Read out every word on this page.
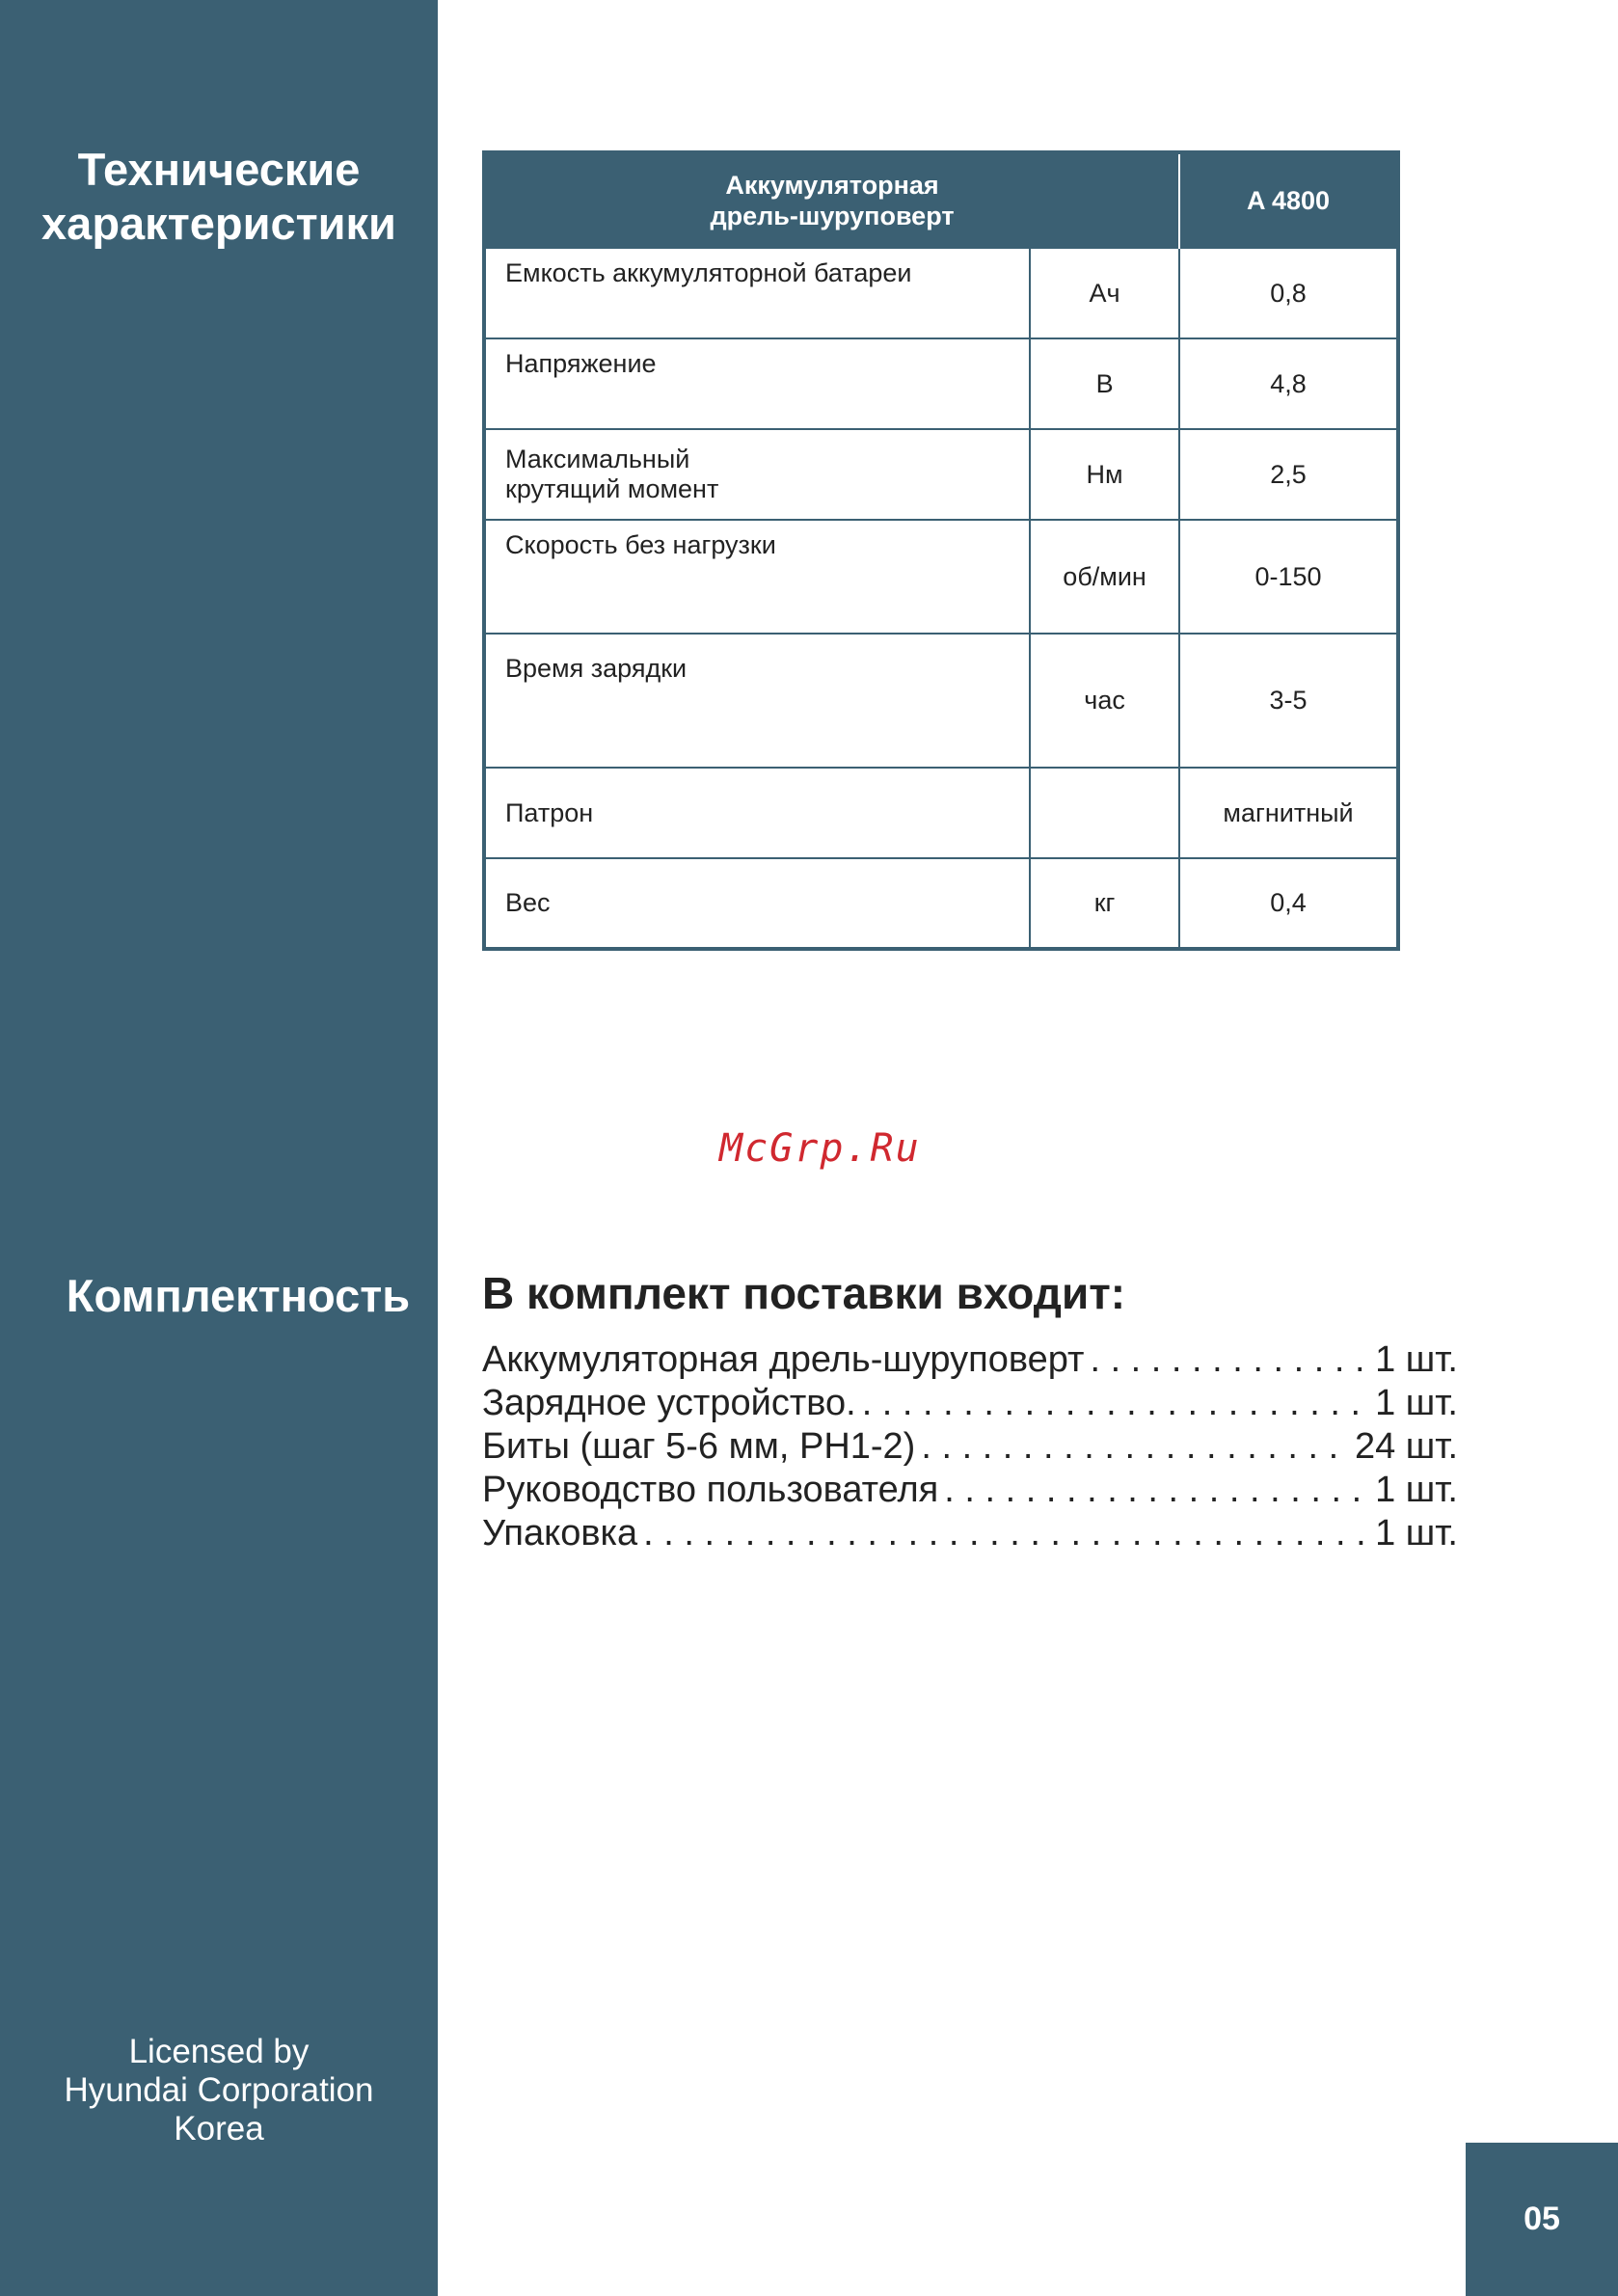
Технические
характеристики
Комплектность
Licensed by
Hyundai Corporation
Korea
Аккумуляторная
дрель-шуруповерт		A 4800

Емкость аккумуляторной батареи	Ач	0,8

Напряжение	В	4,8

Максимальный
крутящий момент	Нм	2,5

Скорость без нагрузки	об/мин	0-150

Время зарядки	час	3-5

Патрон		магнитный

Вес	кг	0,4
McGrp.Ru
В комплект поставки входит:
Аккумуляторная дрель-шуруповерт . . .	1 шт.
Зарядное устройство. . . .	1 шт.
Биты (шаг 5-6 мм, PH1-2) . . .	24 шт.
Руководство пользователя . . .	1 шт.
Упаковка . . .	1 шт.
05
